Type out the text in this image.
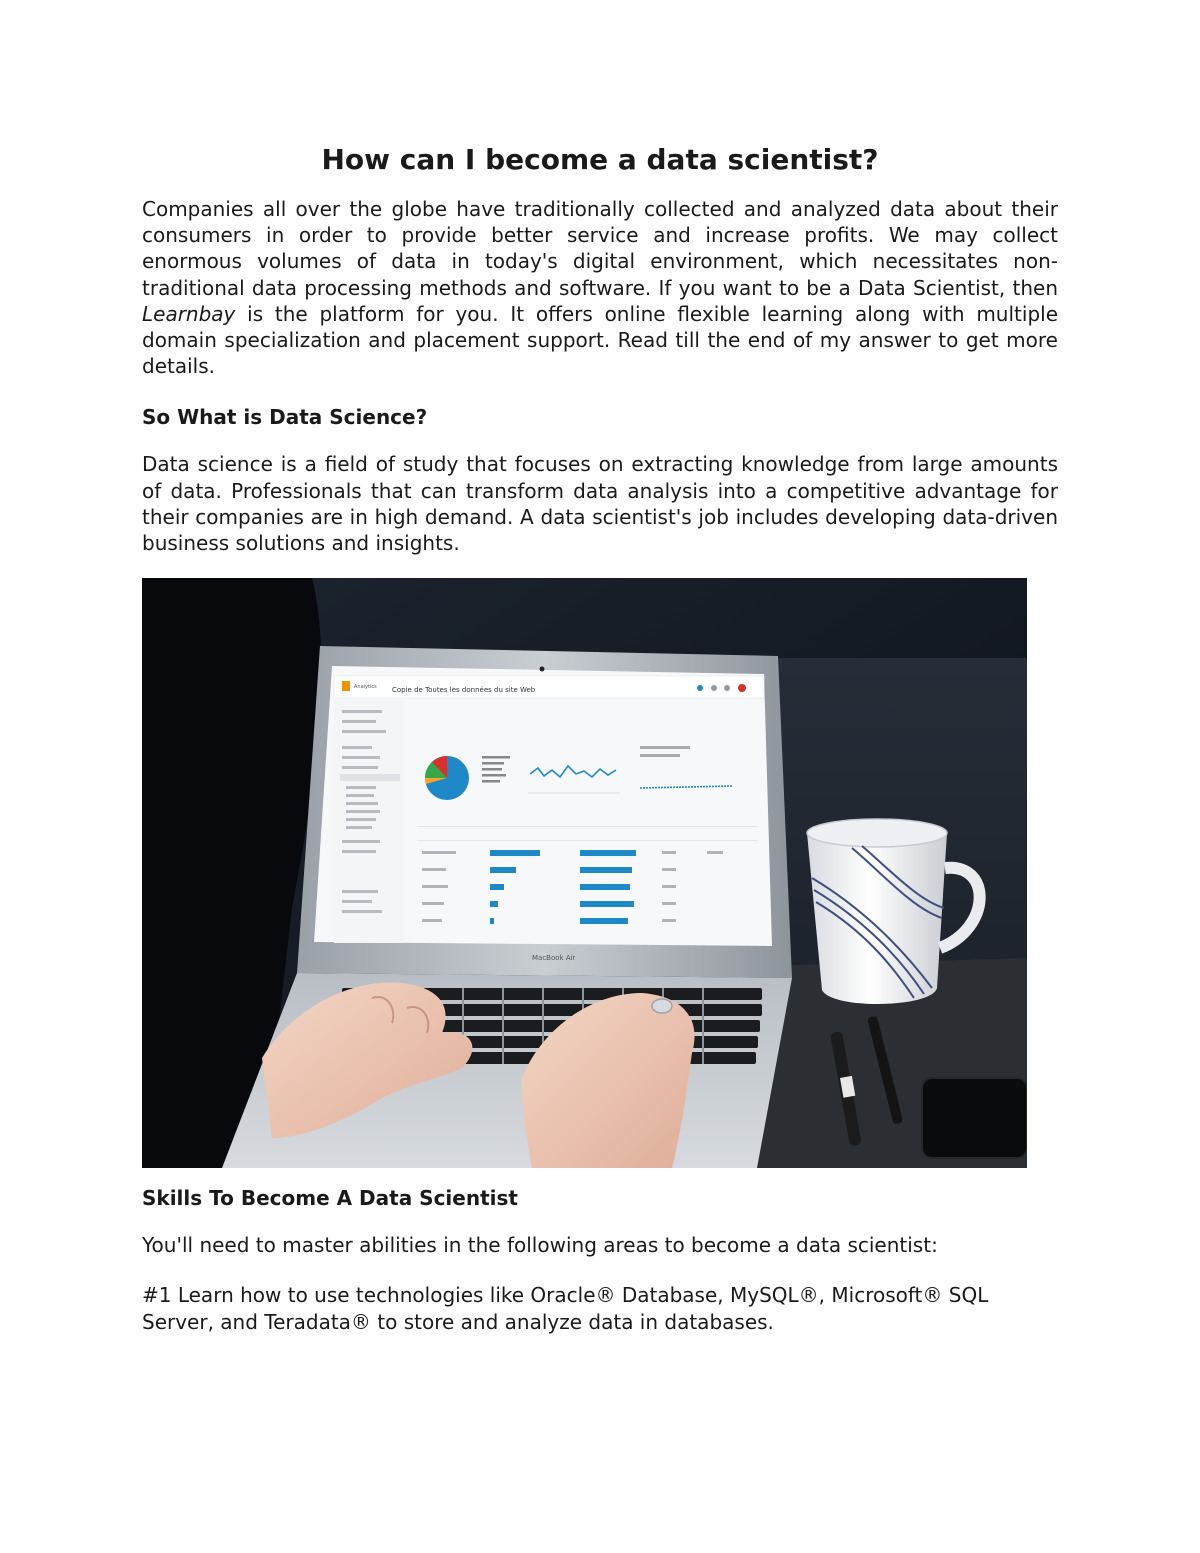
How can I become a data scientist?

Companies all over the globe have traditionally collected and analyzed data about their consumers in order to provide better service and increase profits. We may collect enormous volumes of data in today's digital environment, which necessitates non-traditional data processing methods and software. If you want to be a Data Scientist, then Learnbay is the platform for you. It offers online flexible learning along with multiple domain specialization and placement support. Read till the end of my answer to get more details.

So What is Data Science?

Data science is a field of study that focuses on extracting knowledge from large amounts of data. Professionals that can transform data analysis into a competitive advantage for their companies are in high demand. A data scientist's job includes developing data-driven business solutions and insights.

Analytics Copie de Toutes les données du site Web
MacBook Air
Skills To Become A Data Scientist

You'll need to master abilities in the following areas to become a data scientist:

#1 Learn how to use technologies like Oracle® Database, MySQL®, Microsoft® SQL Server, and Teradata® to store and analyze data in databases.
